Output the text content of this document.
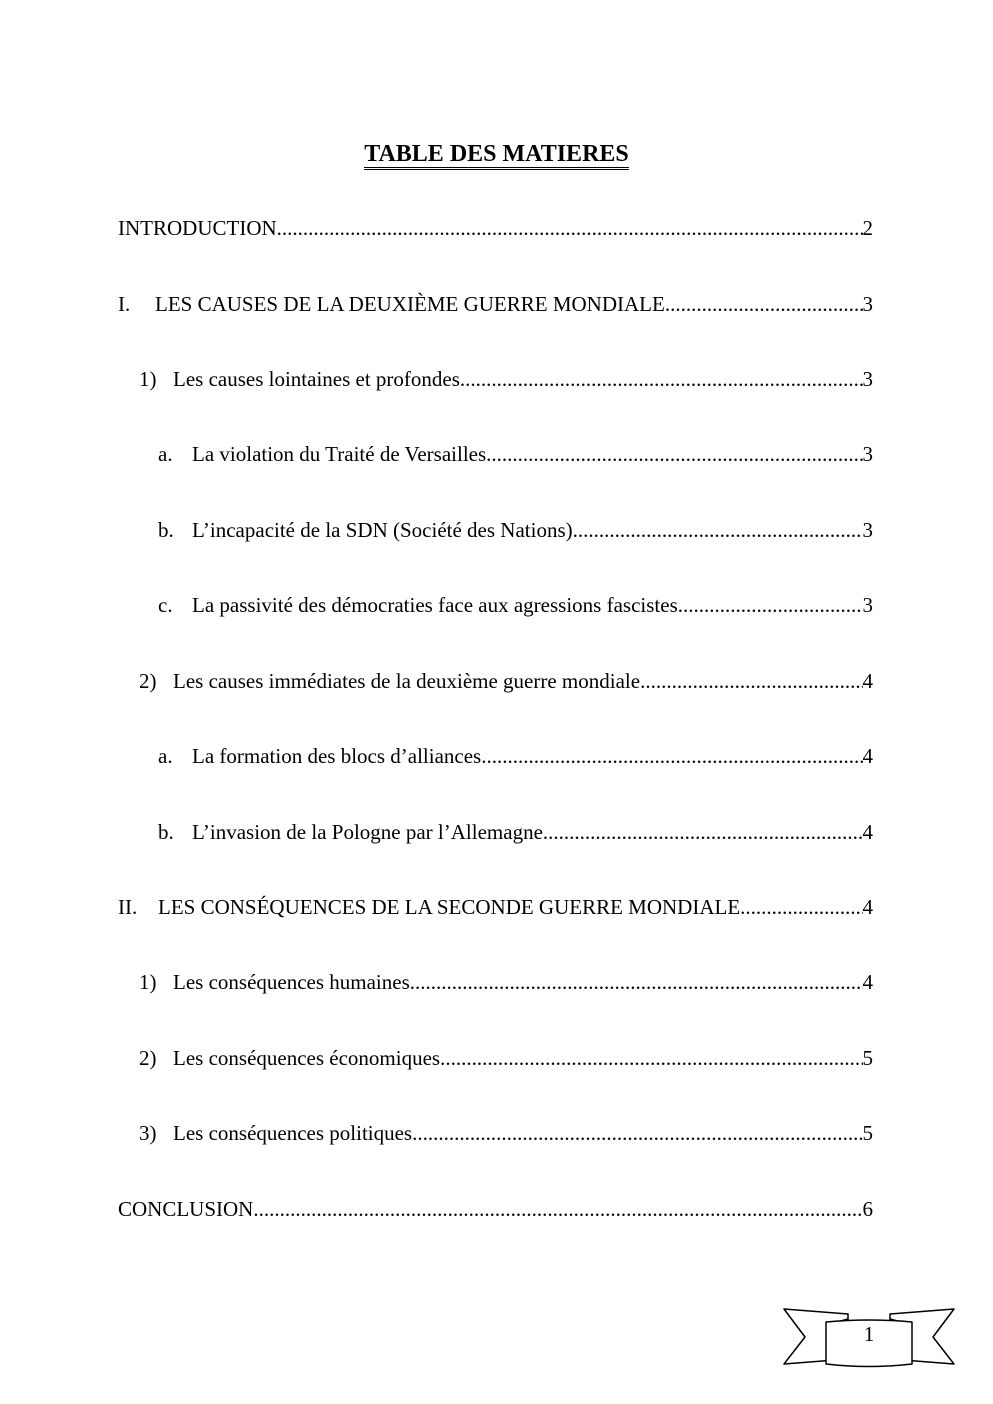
TABLE DES MATIERES
INTRODUCTION .....	2
I.	LES CAUSES DE LA DEUXIÈME GUERRE MONDIALE .....	3
1) Les causes lointaines et profondes .....	3
a. La violation du Traité de Versailles .....	3
b. L’incapacité de la SDN (Société des Nations) .....	3
c. La passivité des démocraties face aux agressions fascistes .....	3
2) Les causes immédiates de la deuxième guerre mondiale .....	4
a. La formation des blocs d’alliances .....	4
b. L’invasion de la Pologne par l’Allemagne .....	4
II. LES CONSÉQUENCES DE LA SECONDE GUERRE MONDIALE .....	4
1) Les conséquences humaines .....	4
2) Les conséquences économiques .....	5
3) Les conséquences politiques .....	5
CONCLUSION .....	6
1
